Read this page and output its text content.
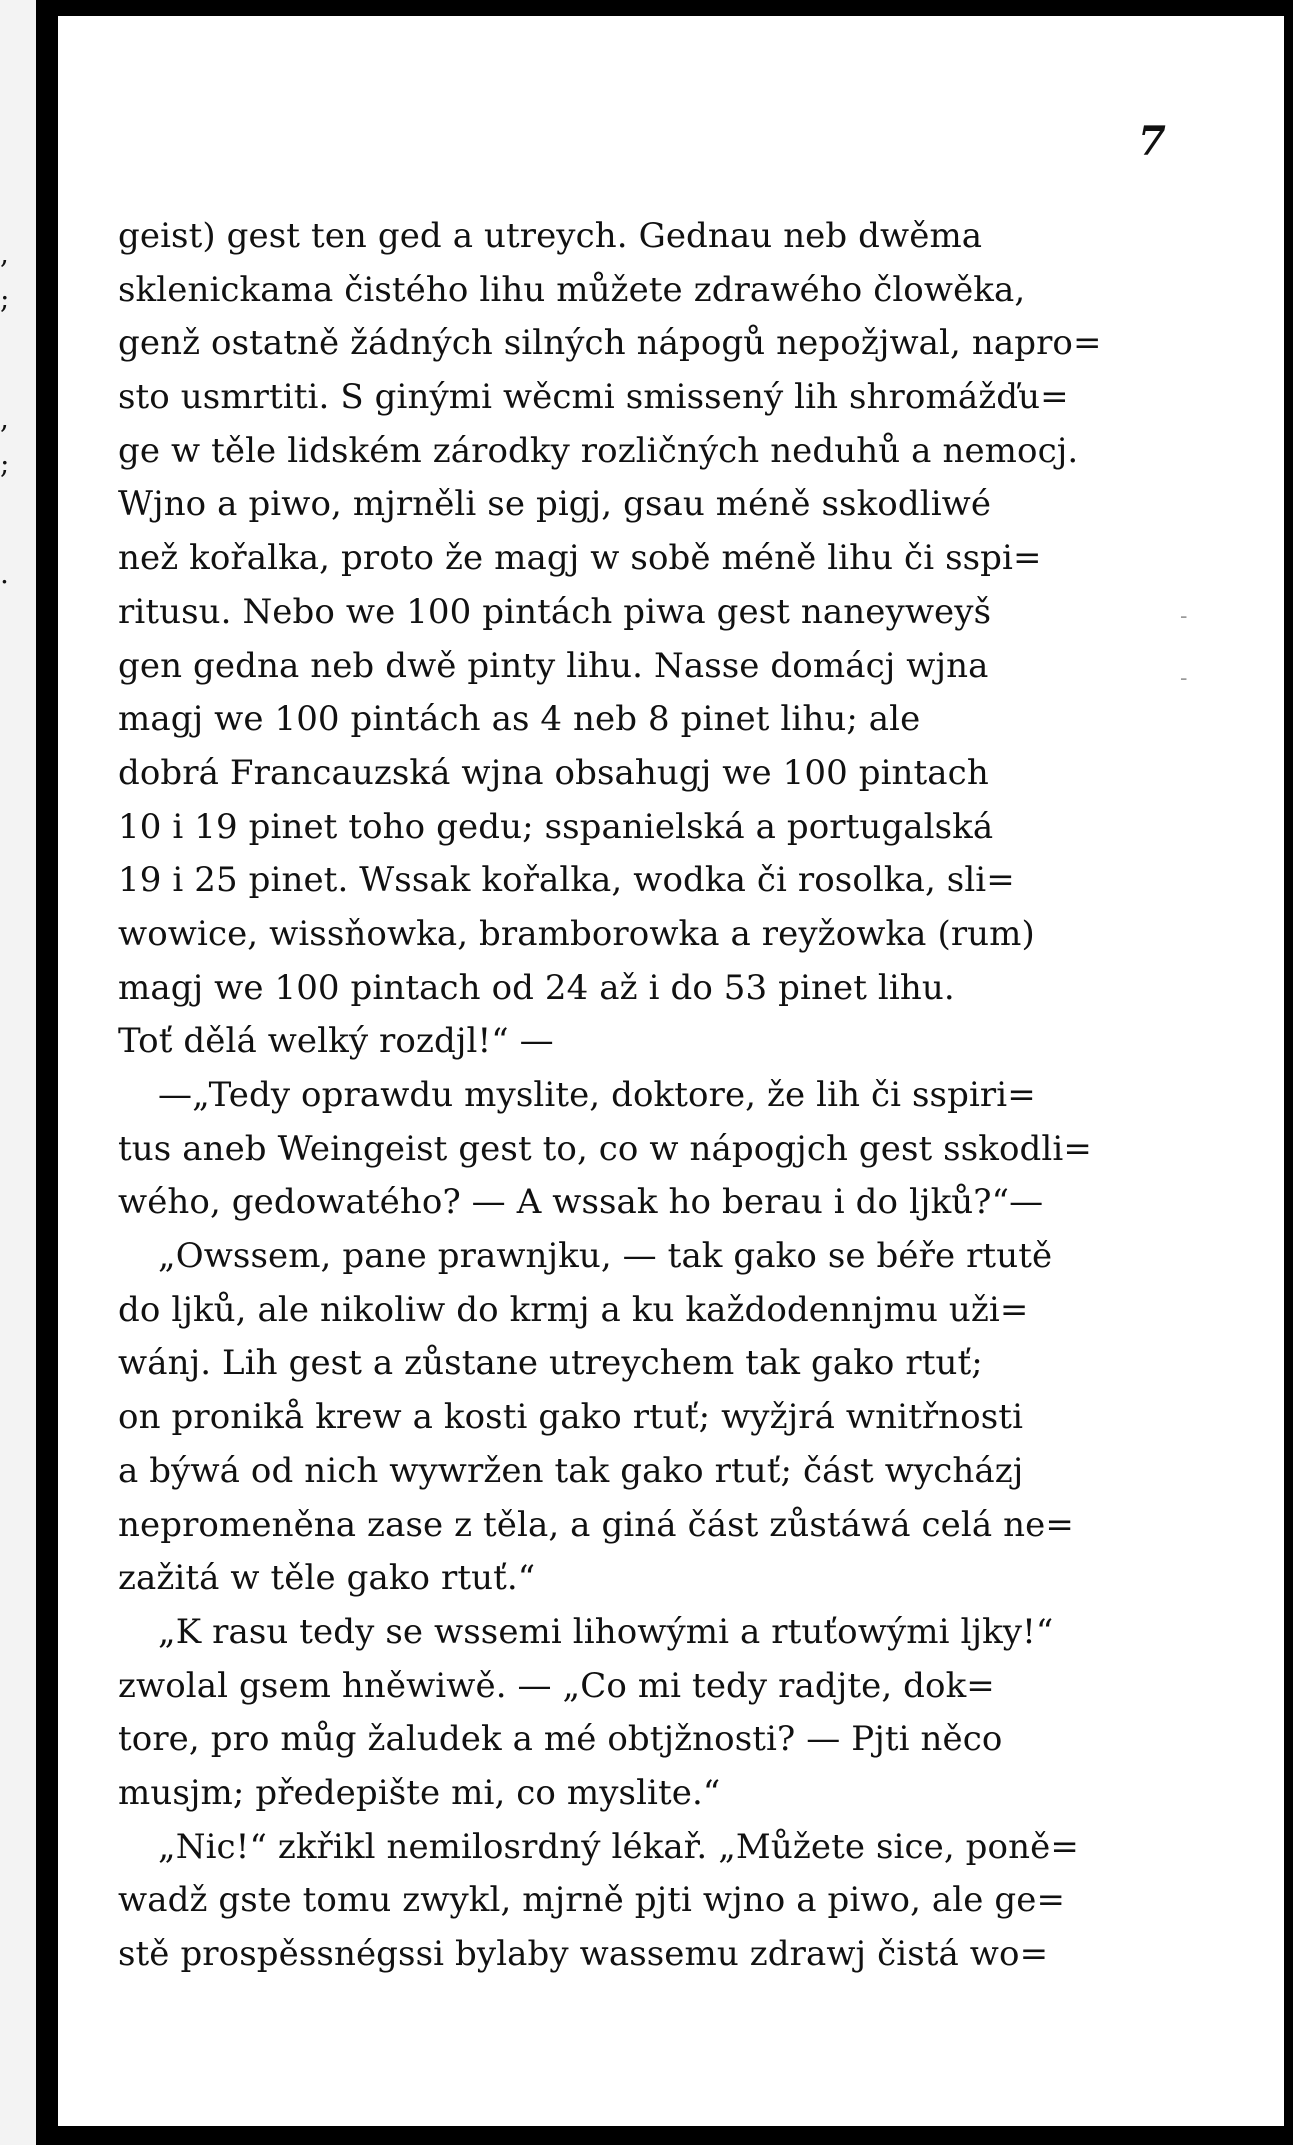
,
;
,
;
.
7
geist) gest ten ged a utreych. Gednau neb dwěma
sklenickama čistého lihu můžete zdrawého člowěka,
genž ostatně žádných silných nápogů nepožjwal, napro=
sto usmrtiti. S ginými wěcmi smissený lih shromážďu=
ge w těle lidském zárodky rozličných neduhů a nemocj.
Wjno a piwo, mjrněli se pigj, gsau méně sskodliwé
než kořalka, proto že magj w sobě méně lihu či sspi=
ritusu. Nebo we 100 pintách piwa gest naneyweyš
gen gedna neb dwě pinty lihu. Nasse domácj wjna
magj we 100 pintách as 4 neb 8 pinet lihu; ale
dobrá Francauzská wjna obsahugj we 100 pintach
10 i 19 pinet toho gedu; sspanielská a portugalská
19 i 25 pinet. Wssak kořalka, wodka či rosolka, sli=
wowice, wissňowka, bramborowka a reyžowka (rum)
magj we 100 pintach od 24 až i do 53 pinet lihu.
Toť dělá welký rozdjl!“ —
—„Tedy oprawdu myslite, doktore, že lih či sspiri=
tus aneb Weingeist gest to, co w nápogjch gest sskodli=
wého, gedowatého? — A wssak ho berau i do ljků?“—
„Owssem, pane prawnjku, — tak gako se béře rtutě
do ljků, ale nikoliw do krmj a ku každodennjmu uži=
wánj. Lih gest a zůstane utreychem tak gako rtuť;
on pronikå krew a kosti gako rtuť; wyžjrá wnitřnosti
a býwá od nich wywržen tak gako rtuť; část wycházj
nepromeněna zase z těla, a giná část zůstáwá celá ne=
zažitá w těle gako rtuť.“
„K rasu tedy se wssemi lihowými a rtuťowými ljky!“
zwolal gsem hněwiwě. — „Co mi tedy radjte, dok=
tore, pro můg žaludek a mé obtjžnosti? — Pjti něco
musjm; předepište mi, co myslite.“
„Nic!“ zkřikl nemilosrdný lékař. „Můžete sice, poně=
wadž gste tomu zwykl, mjrně pjti wjno a piwo, ale ge=
stě prospěssnégssi bylaby wassemu zdrawj čistá wo=
-
-
